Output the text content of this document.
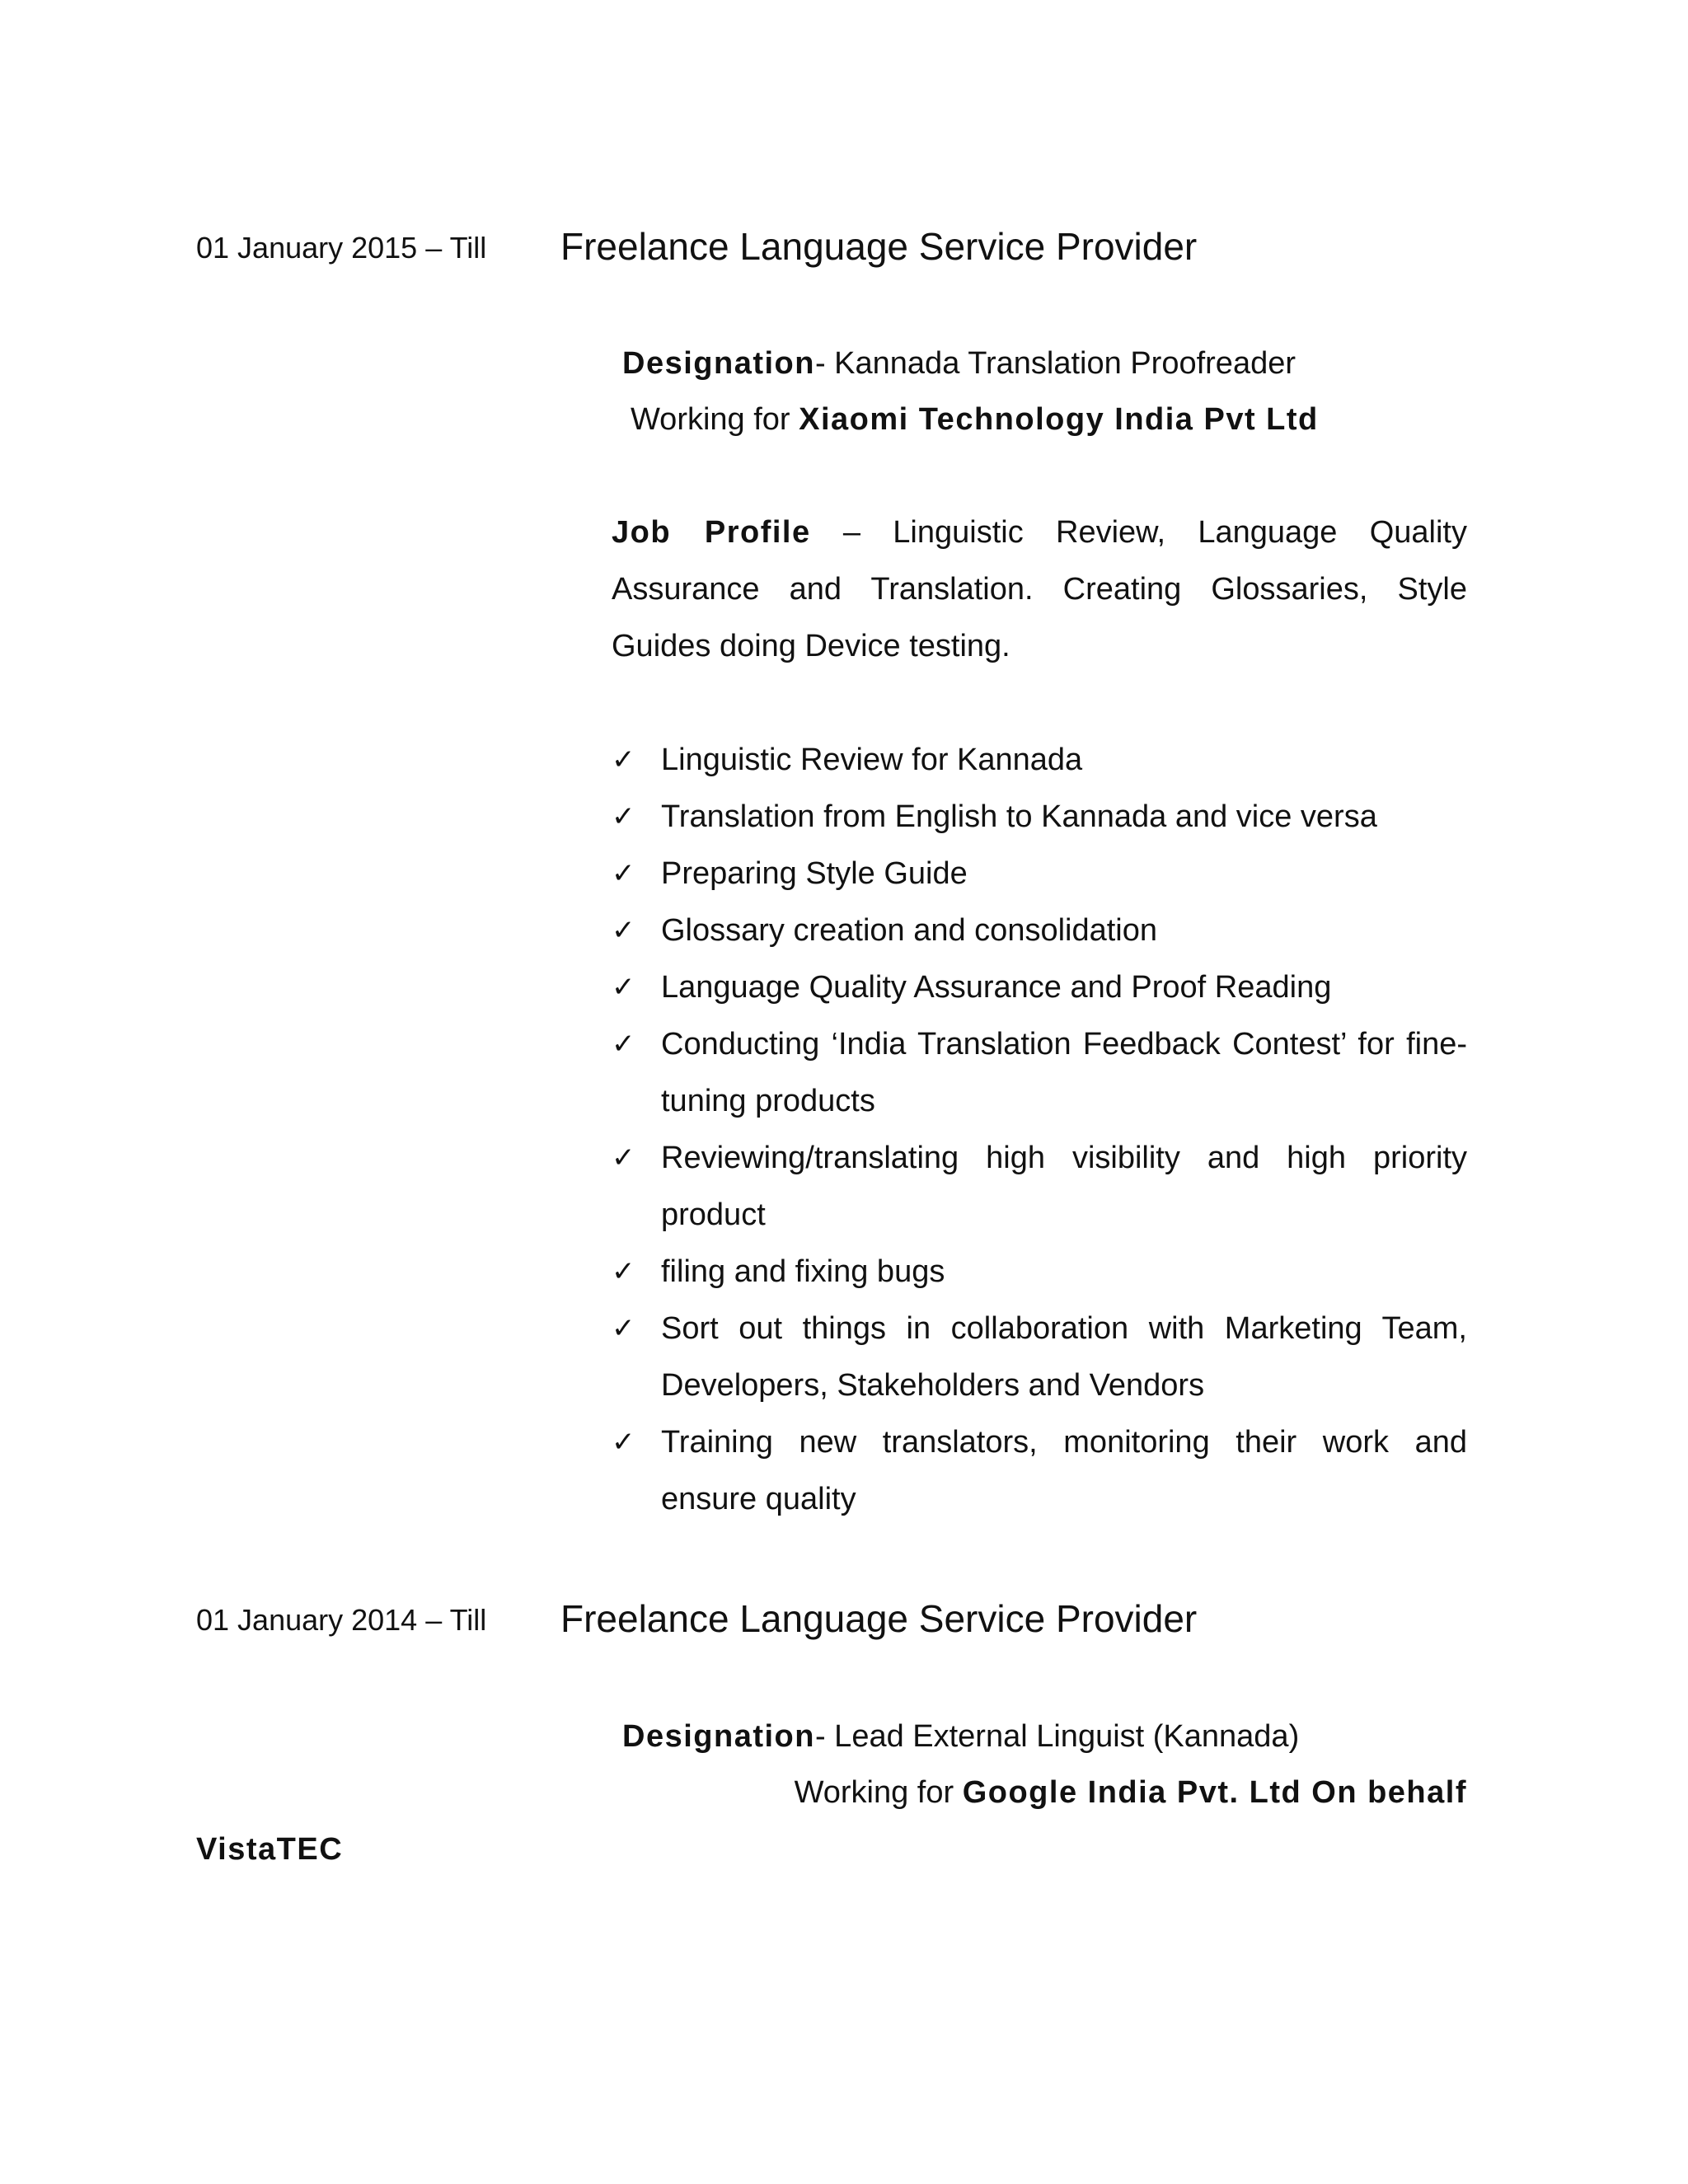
01 January 2015 – Till Freelance Language Service Provider
Designation- Kannada Translation Proofreader
Working for Xiaomi Technology India Pvt Ltd
Job Profile – Linguistic Review, Language Quality Assurance and Translation. Creating Glossaries, Style Guides doing Device testing.
✓ Linguistic Review for Kannada
✓ Translation from English to Kannada and vice versa
✓ Preparing Style Guide
✓ Glossary creation and consolidation
✓ Language Quality Assurance and Proof Reading
✓ Conducting ‘India Translation Feedback Contest’ for fine-tuning products
✓ Reviewing/translating high visibility and high priority product
✓ filing and fixing bugs
✓ Sort out things in collaboration with Marketing Team, Developers, Stakeholders and Vendors
✓ Training new translators, monitoring their work and ensure quality
01 January 2014 – Till Freelance Language Service Provider
Designation- Lead External Linguist (Kannada)
Working for Google India Pvt. Ltd On behalf
VistaTEC
